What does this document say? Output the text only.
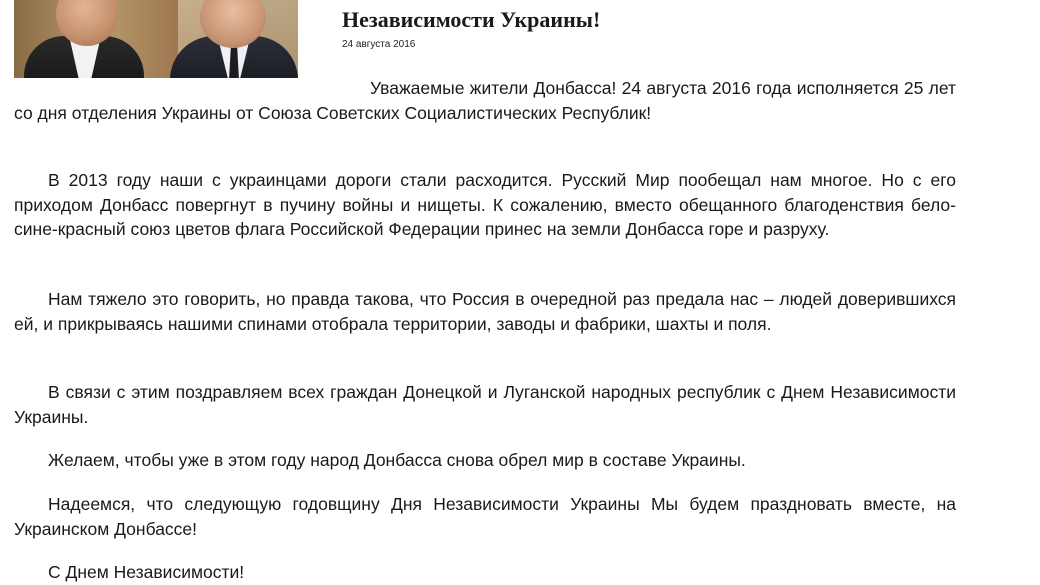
Независимости Украины!
24 августа 2016

Уважаемые жители Донбасса! 24 августа 2016 года исполняется 25 лет со дня отделения Украины от Союза Советских Социалистических Республик!

В 2013 году наши с украинцами дороги стали расходится. Русский Мир пообещал нам многое. Но с его приходом Донбасс повергнут в пучину войны и нищеты. К сожалению, вместо обещанного благоденствия бело-сине-красный союз цветов флага Российской Федерации принес на земли Донбасса горе и разруху.

Нам тяжело это говорить, но правда такова, что Россия в очередной раз предала нас – людей доверившихся ей, и прикрываясь нашими спинами отобрала территории, заводы и фабрики, шахты и поля.

В связи с этим поздравляем всех граждан Донецкой и Луганской народных республик с Днем Независимости Украины.

Желаем, чтобы уже в этом году народ Донбасса снова обрел мир в составе Украины.

Надеемся, что следующую годовщину Дня Независимости Украины Мы будем праздновать вместе, на Украинском Донбассе!

С Днем Независимости!
